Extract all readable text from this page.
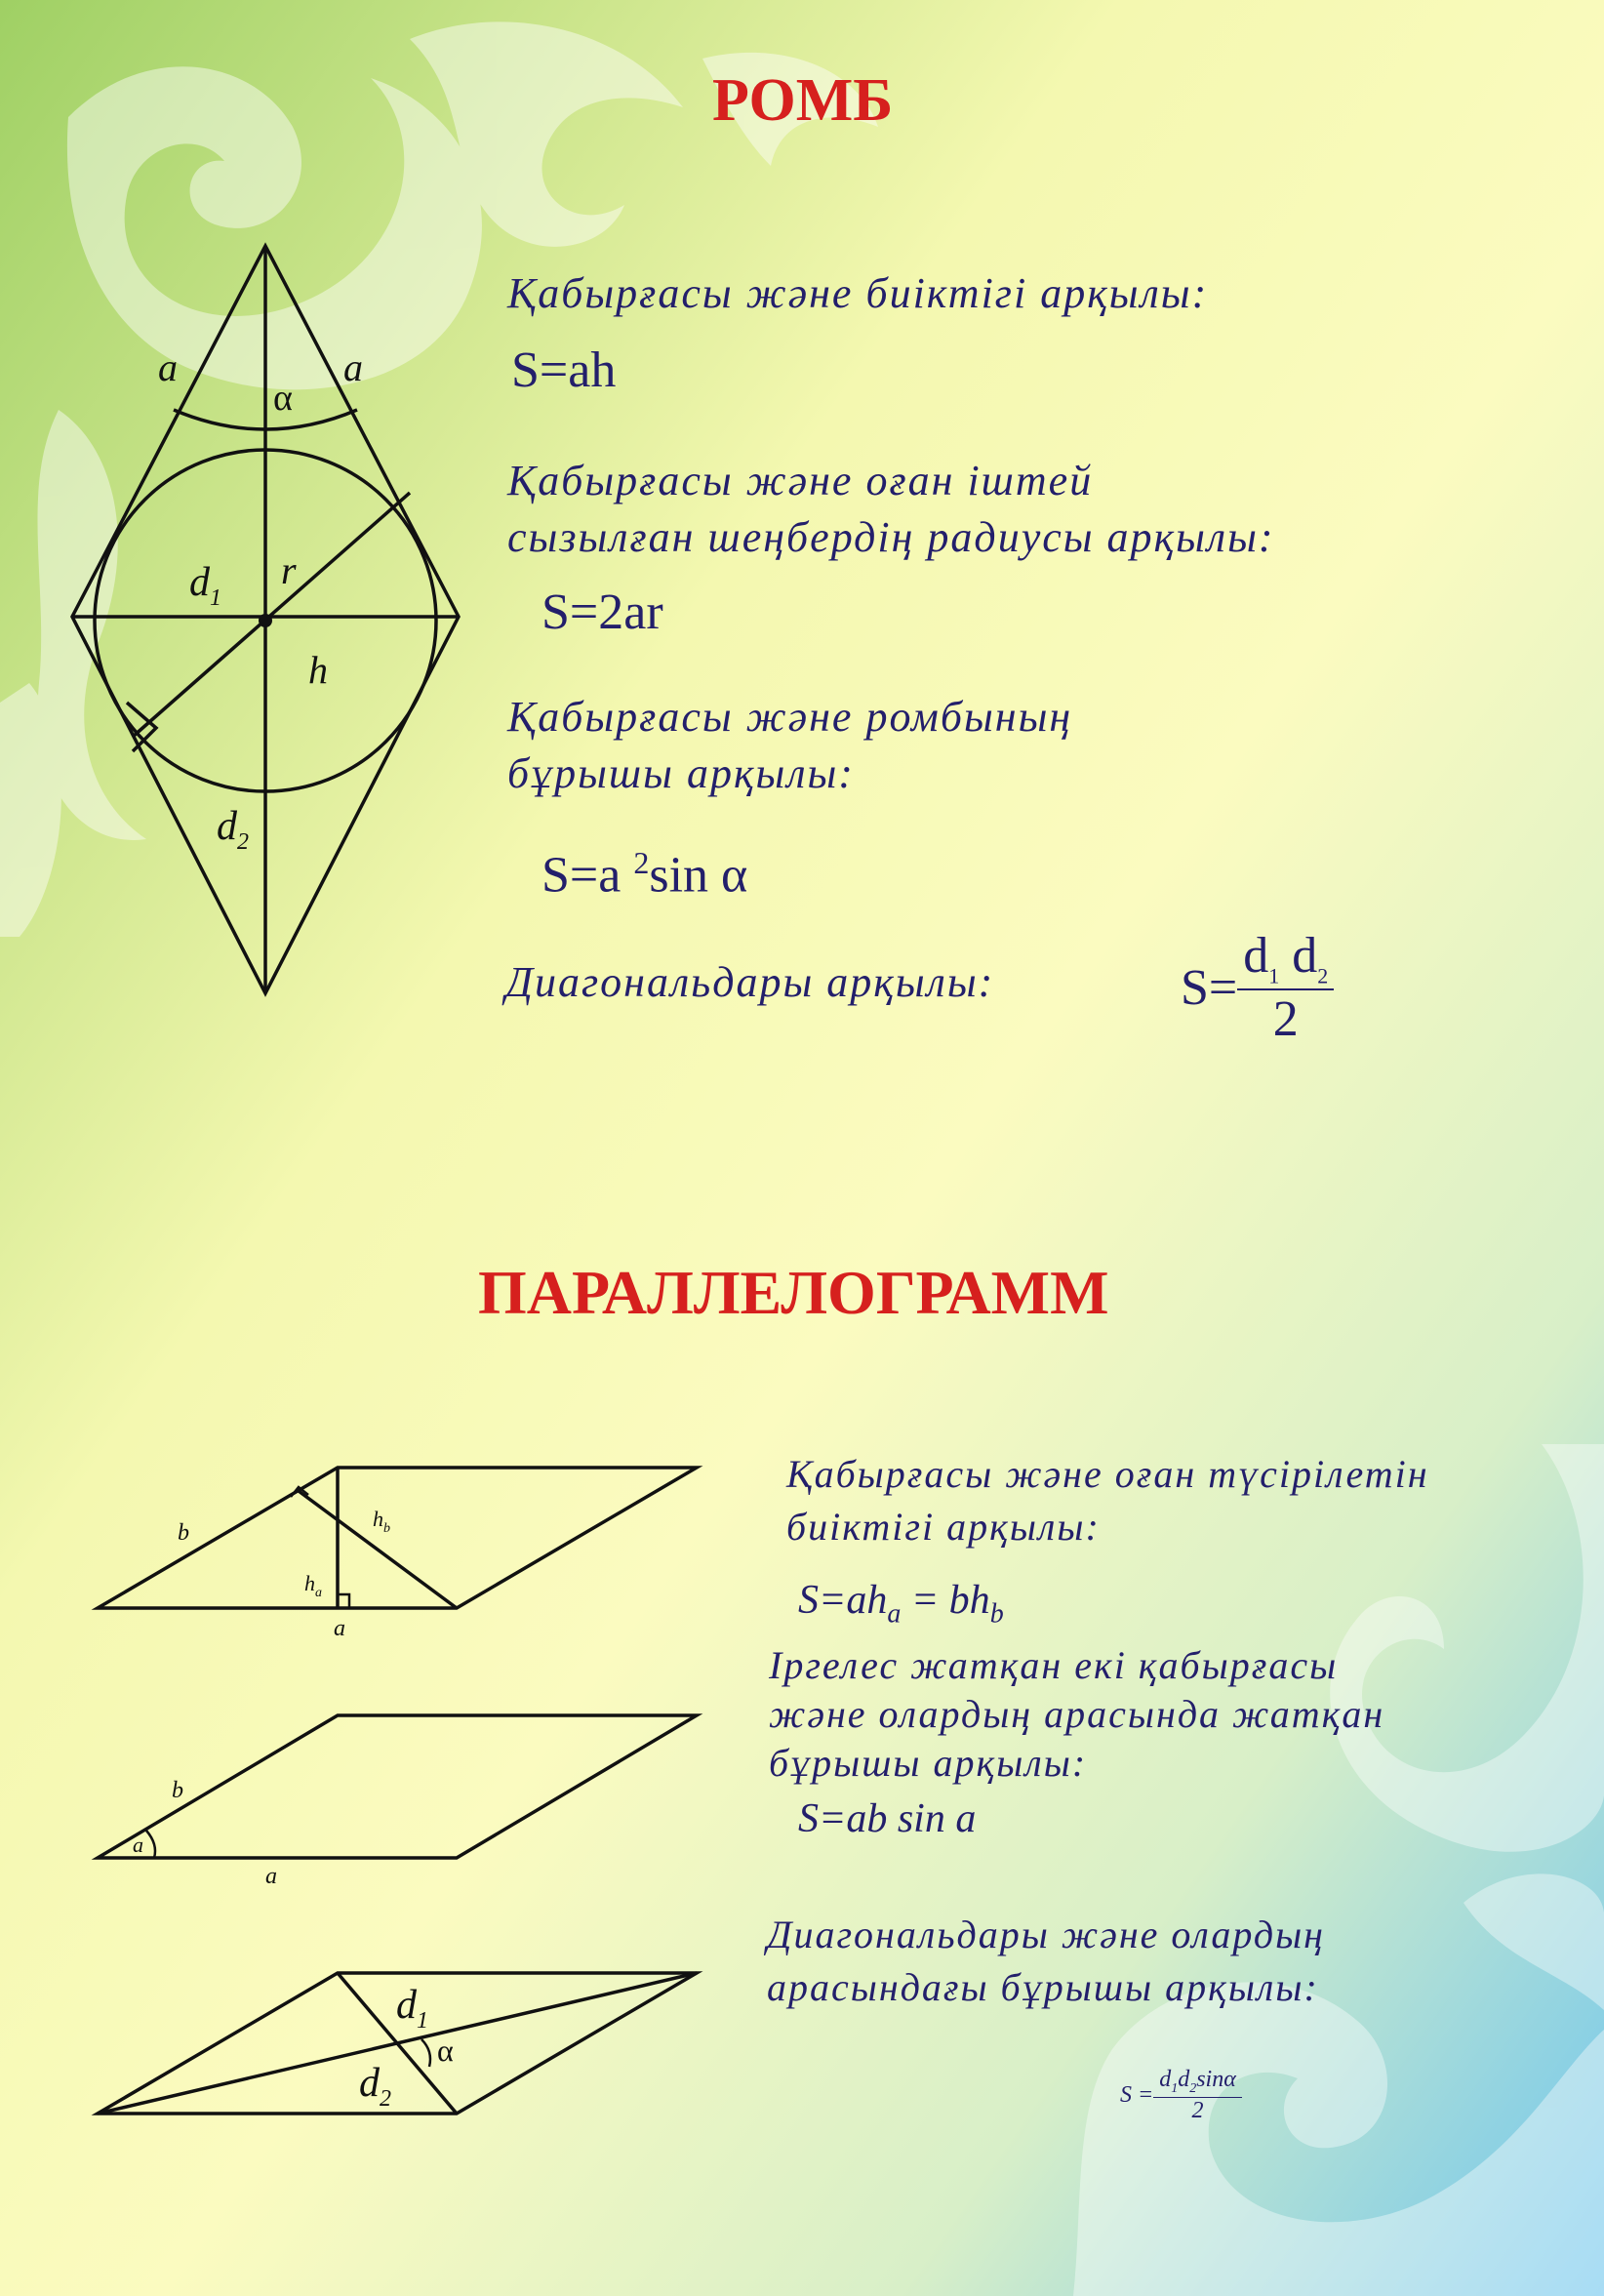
РОМБ
a	a
α
$d_1$
r
h
$d_2$
Қабырғасы және биіктігі арқылы:
S=ah
Қабырғасы және оған іштей
сызылған шеңбердің радиусы арқылы:
S=2ar
Қабырғасы және ромбының
бұрышы арқылы:
S=a $^2$sin α
Диагональдары арқылы:	$S= \frac{d_1 d_2}{2}$
ПАРАЛЛЕЛОГРАММ
b
$h_b$
$h_a$
a
b
a
a
$d_1$
α
$d_2$
Қабырғасы және оған түсірілетін
биіктігі арқылы:
$S=ah_a = bh_b$
Іргелес жатқан екі қабырғасы
және олардың арасында жатқан
бұрышы арқылы:
S=ab sin a
Диагональдары және олардың
арасындағы бұрышы арқылы:
$S = \frac{d_1d_2\sin\alpha}{2}$
